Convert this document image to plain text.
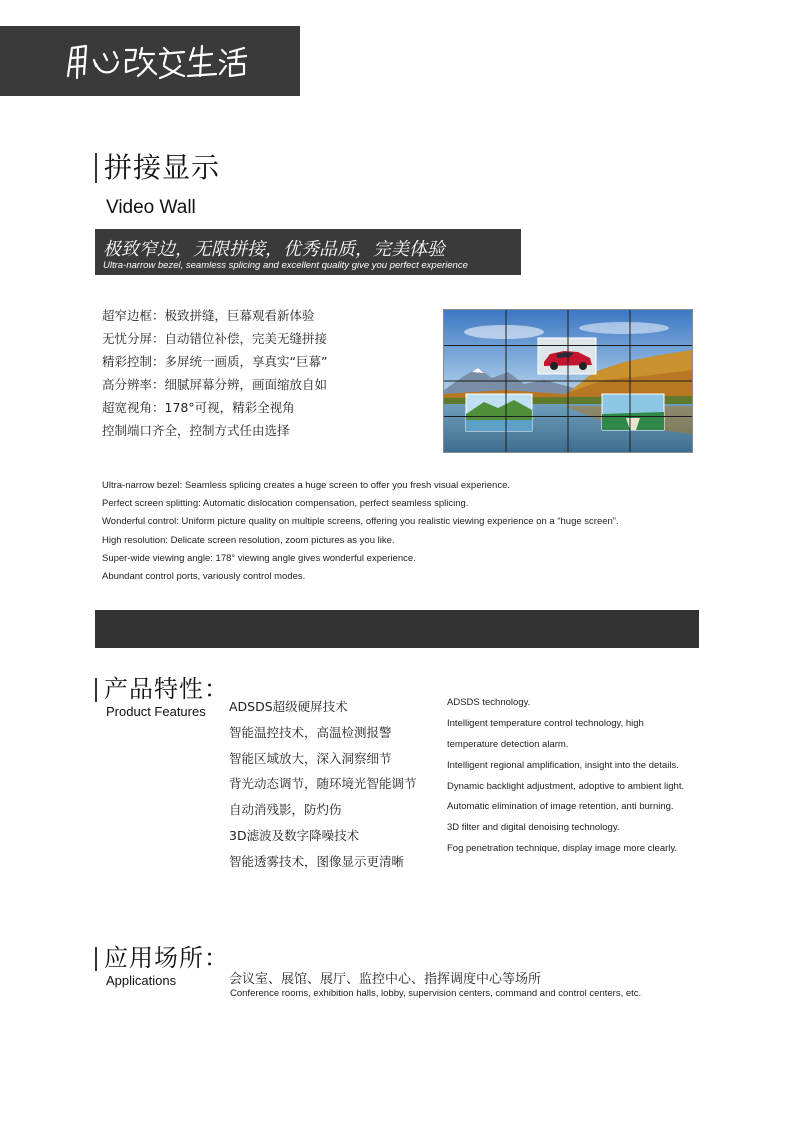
拼接显示
Video Wall
极致窄边，无限拼接，优秀品质，完美体验
Ultra-narrow bezel, seamless splicing and excellent quality give you perfect experience
超窄边框：极致拼缝，巨幕观看新体验
无忧分屏：自动错位补偿，完美无缝拼接
精彩控制：多屏统一画质，享真实“巨幕”
高分辨率：细腻屏幕分辨，画面缩放自如
超宽视角：178°可视，精彩全视角
控制端口齐全，控制方式任由选择
Ultra-narrow bezel: Seamless splicing creates a huge screen to offer you fresh visual experience.
Perfect screen splitting: Automatic dislocation compensation, perfect seamless splicing.
Wonderful control: Uniform picture quality on multiple screens, offering you realistic viewing experience on a “huge screen”.
High resolution: Delicate screen resolution, zoom pictures as you like.
Super-wide viewing angle: 178° viewing angle gives wonderful experience.
Abundant control ports, variously control modes.
产品特性：
Product Features ADSDS超级硬屏技术
智能温控技术，高温检测报警
智能区域放大，深入洞察细节
背光动态调节，随环境光智能调节
自动消残影，防灼伤
3D滤波及数字降噪技术
智能透雾技术，图像显示更清晰
ADSDS technology.
Intelligent temperature control technology, high
temperature detection alarm.
Intelligent regional amplification, insight into the details.
Dynamic backlight adjustment, adoptive to ambient light.
Automatic elimination of image retention, anti burning.
3D filter and digital denoising technology.
Fog penetration technique, display image more clearly.
应用场所：
Applications	会议室、展馆、展厅、监控中心、指挥调度中心等场所
Conference rooms, exhibition halls, lobby, supervision centers, command and control centers, etc.
